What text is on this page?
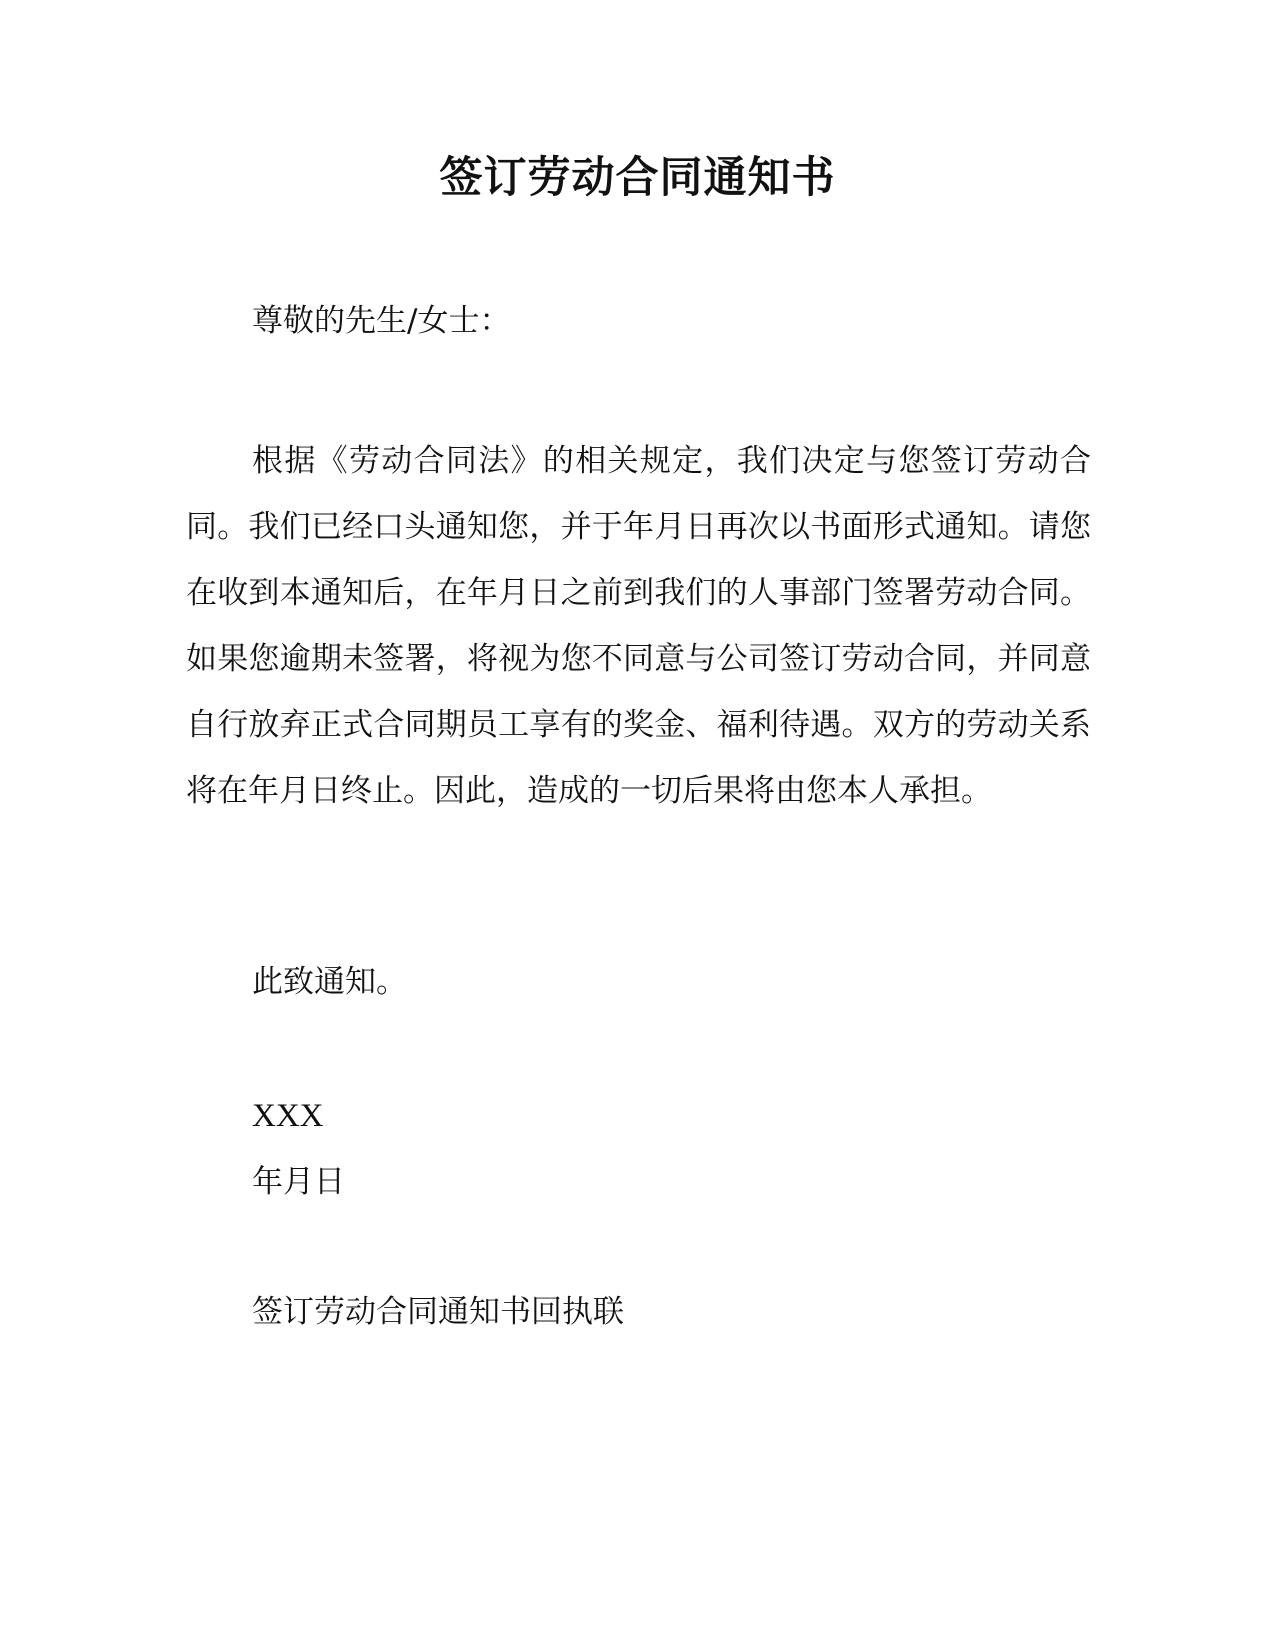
签订劳动合同通知书
尊敬的先生/女士：
根据《劳动合同法》的相关规定，我们决定与您签订劳动合同。我们已经口头通知您，并于年月日再次以书面形式通知。请您在收到本通知后，在年月日之前到我们的人事部门签署劳动合同。如果您逾期未签署，将视为您不同意与公司签订劳动合同，并同意自行放弃正式合同期员工享有的奖金、福利待遇。双方的劳动关系将在年月日终止。因此，造成的一切后果将由您本人承担。
此致通知。
XXX
年月日
签订劳动合同通知书回执联
